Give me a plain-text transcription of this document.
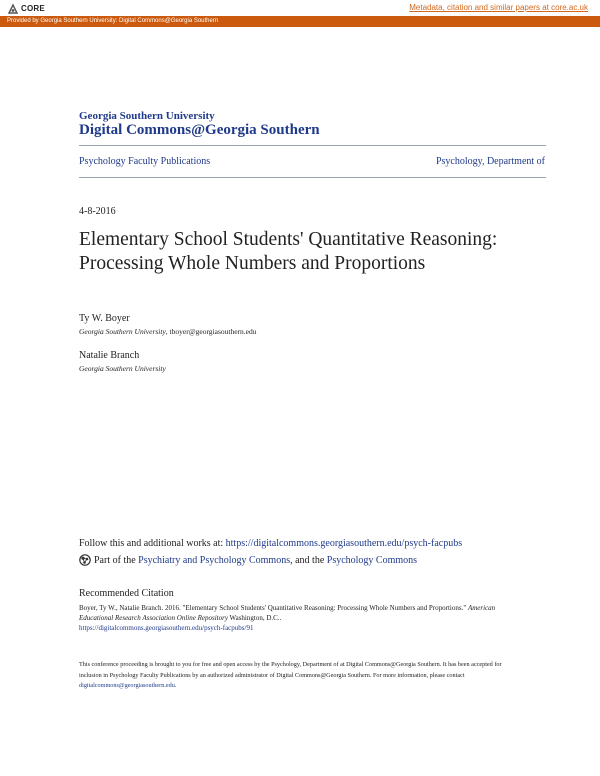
CORE	Metadata, citation and similar papers at core.ac.uk
Provided by Georgia Southern University: Digital Commons@Georgia Southern
Georgia Southern University
Digital Commons@Georgia Southern
Psychology Faculty Publications	Psychology, Department of
4-8-2016
Elementary School Students' Quantitative Reasoning: Processing Whole Numbers and Proportions
Ty W. Boyer
Georgia Southern University, tboyer@georgiasouthern.edu
Natalie Branch
Georgia Southern University
Follow this and additional works at: https://digitalcommons.georgiasouthern.edu/psych-facpubs
Part of the Psychiatry and Psychology Commons, and the Psychology Commons
Recommended Citation
Boyer, Ty W., Natalie Branch. 2016. "Elementary School Students' Quantitative Reasoning: Processing Whole Numbers and Proportions." American Educational Research Association Online Repository Washington, D.C..
https://digitalcommons.georgiasouthern.edu/psych-facpubs/91
This conference proceeding is brought to you for free and open access by the Psychology, Department of at Digital Commons@Georgia Southern. It has been accepted for inclusion in Psychology Faculty Publications by an authorized administrator of Digital Commons@Georgia Southern. For more information, please contact digitalcommons@georgiasouthern.edu.
